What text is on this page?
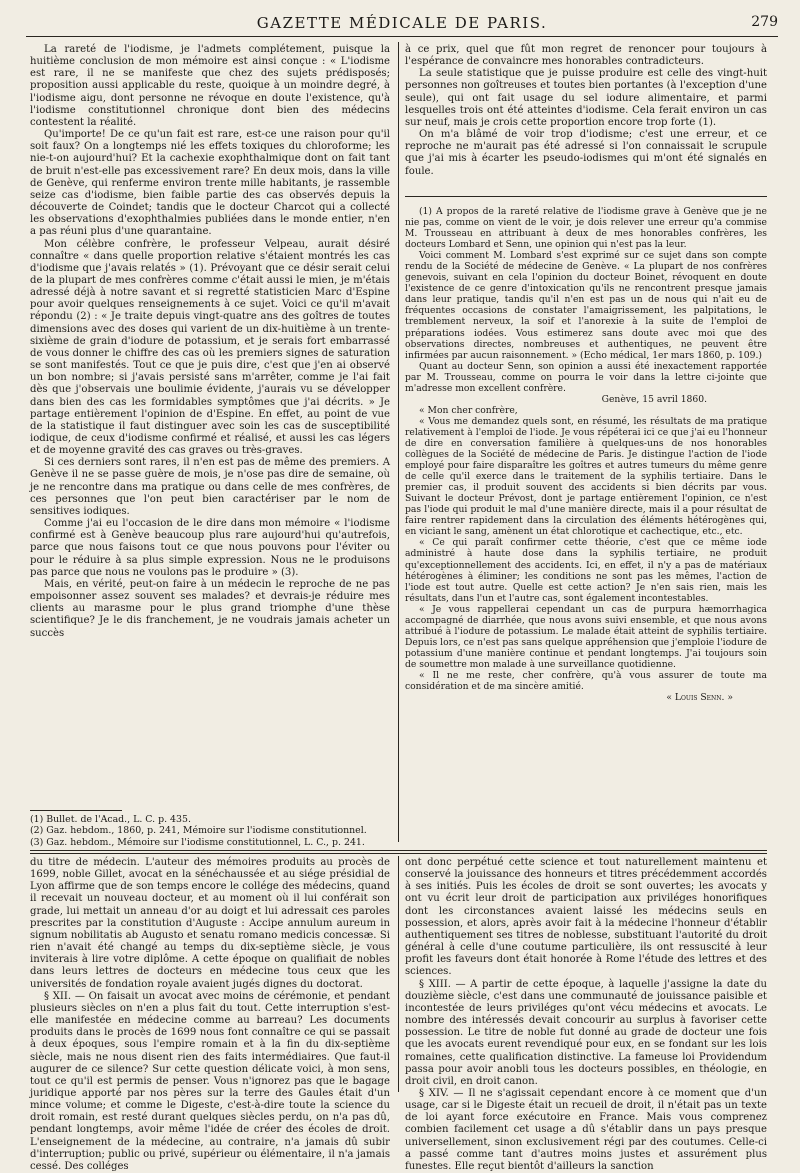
GAZETTE MÉDICALE DE PARIS.	279

La rareté de l'iodisme, je l'admets complétement, puisque la huitième conclusion de mon mémoire est ainsi conçue : « L'iodisme est rare, il ne se manifeste que chez des sujets prédisposés; proposition aussi applicable du reste, quoique à un moindre degré, à l'iodisme aigu, dont personne ne révoque en doute l'existence, qu'à l'iodisme constitutionnel chronique dont bien des médecins contestent la réalité.

Qu'importe! De ce qu'un fait est rare, est-ce une raison pour qu'il soit faux? On a longtemps nié les effets toxiques du chloroforme; les nie-t-on aujourd'hui? Et la cachexie exophthalmique dont on fait tant de bruit n'est-elle pas excessivement rare? En deux mois, dans la ville de Genève, qui renferme environ trente mille habitants, je rassemble seize cas d'iodisme, bien faible partie des cas observés depuis la découverte de Coindet; tandis que le docteur Charcot qui a collecté les observations d'exophthalmies publiées dans le monde entier, n'en a pas réuni plus d'une quarantaine.

Mon célèbre confrère, le professeur Velpeau, aurait désiré connaître « dans quelle proportion relative s'étaient montrés les cas d'iodisme que j'avais relatés » (1). Prévoyant que ce désir serait celui de la plupart de mes confrères comme c'était aussi le mien, je m'étais adressé déjà à notre savant et si regretté statisticien Marc d'Espine pour avoir quelques renseignements à ce sujet. Voici ce qu'il m'avait répondu (2) : « Je traite depuis vingt-quatre ans des goîtres de toutes dimensions avec des doses qui varient de un dix-huitième à un trente-sixième de grain d'iodure de potassium, et je serais fort embarrassé de vous donner le chiffre des cas où les premiers signes de saturation se sont manifestés. Tout ce que je puis dire, c'est que j'en ai observé un bon nombre; si j'avais persisté sans m'arrêter, comme je l'ai fait dès que j'observais une boulimie évidente, j'aurais vu se développer dans bien des cas les formidables symptômes que j'ai décrits. » Je partage entièrement l'opinion de d'Espine. En effet, au point de vue de la statistique il faut distinguer avec soin les cas de susceptibilité iodique, de ceux d'iodisme confirmé et réalisé, et aussi les cas légers et de moyenne gravité des cas graves ou très-graves.

Si ces derniers sont rares, il n'en est pas de même des premiers. A Genève il ne se passe guère de mois, je n'ose pas dire de semaine, où je ne rencontre dans ma pratique ou dans celle de mes confrères, de ces personnes que l'on peut bien caractériser par le nom de sensitives iodiques.

Comme j'ai eu l'occasion de le dire dans mon mémoire « l'iodisme confirmé est à Genève beaucoup plus rare aujourd'hui qu'autrefois, parce que nous faisons tout ce que nous pouvons pour l'éviter ou pour le réduire à sa plus simple expression. Nous ne le produisons pas parce que nous ne voulons pas le produire » (3).

Mais, en vérité, peut-on faire à un médecin le reproche de ne pas empoisonner assez souvent ses malades? et devrais-je réduire mes clients au marasme pour le plus grand triomphe d'une thèse scientifique? Je le dis franchement, je ne voudrais jamais acheter un succès

(1) Bullet. de l'Acad., L. C. p. 435.
(2) Gaz. hebdom., 1860, p. 241, Mémoire sur l'iodisme constitutionnel.
(3) Gaz. hebdom., Mémoire sur l'iodisme constitutionnel, L. C., p. 241.

à ce prix, quel que fût mon regret de renoncer pour toujours à l'espérance de convaincre mes honorables contradicteurs.

La seule statistique que je puisse produire est celle des vingt-huit personnes non goîtreuses et toutes bien portantes (à l'exception d'une seule), qui ont fait usage du sel iodure alimentaire, et parmi lesquelles trois ont été atteintes d'iodisme. Cela ferait environ un cas sur neuf, mais je crois cette proportion encore trop forte (1).

On m'a blâmé de voir trop d'iodisme; c'est une erreur, et ce reproche ne m'aurait pas été adressé si l'on connaissait le scrupule que j'ai mis à écarter les pseudo-iodismes qui m'ont été signalés en foule.

(1) A propos de la rareté relative de l'iodisme grave à Genève que je ne nie pas, comme on vient de le voir, je dois relever une erreur qu'a commise M. Trousseau en attribuant à deux de mes honorables confrères, les docteurs Lombard et Senn, une opinion qui n'est pas la leur.

Voici comment M. Lombard s'est exprimé sur ce sujet dans son compte rendu de la Société de médecine de Genève. « La plupart de nos confrères genevois, suivant en cela l'opinion du docteur Boinet, révoquent en doute l'existence de ce genre d'intoxication qu'ils ne rencontrent presque jamais dans leur pratique, tandis qu'il n'en est pas un de nous qui n'ait eu de fréquentes occasions de constater l'amaigrissement, les palpitations, le tremblement nerveux, la soif et l'anorexie à la suite de l'emploi de préparations iodées. Vous estimerez sans doute avec moi que des observations directes, nombreuses et authentiques, ne peuvent être infirmées par aucun raisonnement. » (Echo médical, 1er mars 1860, p. 109.)

Quant au docteur Senn, son opinion a aussi été inexactement rapportée par M. Trousseau, comme on pourra le voir dans la lettre ci-jointe que m'adresse mon excellent confrère.

Genève, 15 avril 1860.

« Mon cher confrère,

« Vous me demandez quels sont, en résumé, les résultats de ma pratique relativement à l'emploi de l'iode. Je vous répéterai ici ce que j'ai eu l'honneur de dire en conversation familière à quelques-uns de nos honorables collègues de la Société de médecine de Paris. Je distingue l'action de l'iode employé pour faire disparaître les goîtres et autres tumeurs du même genre de celle qu'il exerce dans le traitement de la syphilis tertiaire. Dans le premier cas, il produit souvent des accidents si bien décrits par vous. Suivant le docteur Prévost, dont je partage entièrement l'opinion, ce n'est pas l'iode qui produit le mal d'une manière directe, mais il a pour résultat de faire rentrer rapidement dans la circulation des éléments hétérogènes qui, en viciant le sang, amènent un état chlorotique et cachectique, etc., etc.

« Ce qui paraît confirmer cette théorie, c'est que ce même iode administré à haute dose dans la syphilis tertiaire, ne produit qu'exceptionnellement des accidents. Ici, en effet, il n'y a pas de matériaux hétérogènes à éliminer; les conditions ne sont pas les mêmes, l'action de l'iode est tout autre. Quelle est cette action? Je n'en sais rien, mais les résultats, dans l'un et l'autre cas, sont également incontestables.

« Je vous rappellerai cependant un cas de purpura hæmorrhagica accompagné de diarrhée, que nous avons suivi ensemble, et que nous avons attribué à l'iodure de potassium. Le malade était atteint de syphilis tertiaire. Depuis lors, ce n'est pas sans quelque appréhension que j'emploie l'iodure de potassium d'une manière continue et pendant longtemps. J'ai toujours soin de soumettre mon malade à une surveillance quotidienne.

« Il ne me reste, cher confrère, qu'à vous assurer de toute ma considération et de ma sincère amitié.

« Louis Senn. »

du titre de médecin. L'auteur des mémoires produits au procès de 1699, noble Gillet, avocat en la sénéchaussée et au siége présidial de Lyon affirme que de son temps encore le collége des médecins, quand il recevait un nouveau docteur, et au moment où il lui conférait son grade, lui mettait un anneau d'or au doigt et lui adressait ces paroles prescrites par la constitution d'Auguste : Accipe annulum aureum in signum nobilitatis ab Augusto et senatu romano medicis concessæ. Si rien n'avait été changé au temps du dix-septième siècle, je vous inviterais à lire votre diplôme. A cette époque on qualifiait de nobles dans leurs lettres de docteurs en médecine tous ceux que les universités de fondation royale avaient jugés dignes du doctorat.

§ XII. — On faisait un avocat avec moins de cérémonie, et pendant plusieurs siècles on n'en a plus fait du tout. Cette interruption s'est-elle manifestée en médecine comme au barreau? Les documents produits dans le procès de 1699 nous font connaître ce qui se passait à deux époques, sous l'empire romain et à la fin du dix-septième siècle, mais ne nous disent rien des faits intermédiaires. Que faut-il augurer de ce silence? Sur cette question délicate voici, à mon sens, tout ce qu'il est permis de penser. Vous n'ignorez pas que le bagage juridique apporté par nos pères sur la terre des Gaules était d'un mince volume; et comme le Digeste, c'est-à-dire toute la science du droit romain, est resté durant quelques siècles perdu, on n'a pas dû, pendant longtemps, avoir même l'idée de créer des écoles de droit. L'enseignement de la médecine, au contraire, n'a jamais dû subir d'interruption; public ou privé, supérieur ou élémentaire, il n'a jamais cessé. Des colléges

ont donc perpétué cette science et tout naturellement maintenu et conservé la jouissance des honneurs et titres précédemment accordés à ses initiés. Puis les écoles de droit se sont ouvertes; les avocats y ont vu écrit leur droit de participation aux priviléges honorifiques dont les circonstances avaient laissé les médecins seuls en possession, et alors, après avoir fait à la médecine l'honneur d'établir authentiquement ses titres de noblesse, substituant l'autorité du droit général à celle d'une coutume particulière, ils ont ressuscité à leur profit les faveurs dont était honorée à Rome l'étude des lettres et des sciences.

§ XIII. — A partir de cette époque, à laquelle j'assigne la date du douzième siècle, c'est dans une communauté de jouissance paisible et incontestée de leurs priviléges qu'ont vécu médecins et avocats. Le nombre des intéressés devait concourir au surplus à favoriser cette possession. Le titre de noble fut donné au grade de docteur une fois que les avocats eurent revendiqué pour eux, en se fondant sur les lois romaines, cette qualification distinctive. La fameuse loi Providendum passa pour avoir anobli tous les docteurs possibles, en théologie, en droit civil, en droit canon.

§ XIV. — Il ne s'agissait cependant encore à ce moment que d'un usage, car si le Digeste était un recueil de droit, il n'était pas un texte de loi ayant force exécutoire en France. Mais vous comprenez combien facilement cet usage a dû s'établir dans un pays presque universellement, sinon exclusivement régi par des coutumes. Celle-ci a passé comme tant d'autres moins justes et assurément plus funestes. Elle reçut bientôt d'ailleurs la sanction
